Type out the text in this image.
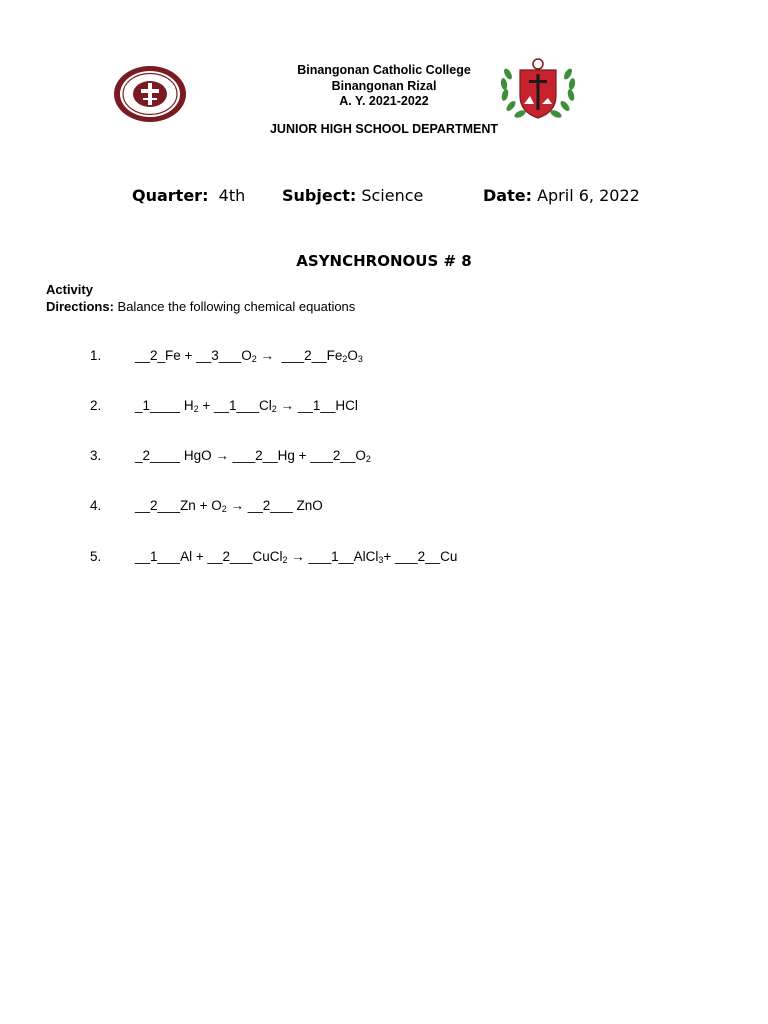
Binangonan Catholic College
Binangonan Rizal
A. Y. 2021-2022
JUNIOR HIGH SCHOOL DEPARTMENT
Quarter: 4th Subject: Science	Date: April 6, 2022
ASYNCHRONOUS # 8
Activity
Directions: Balance the following chemical equations
1. __2_Fe + $\_\_3\_\_\_O_2$ →  $\_\_\_2\_\_Fe_2O_3$
2. _1____ $H_2$ + $\_\_1\_\_\_Cl_2$ → __1__HCl
3. _2____ HgO → ___2__Hg + $\_\_\_2\_\_O_2$
4. __2___Zn + $O_2$ → __2___ ZnO
5. __1___Al + __2___CuCl$_2$ → ___1__AlCl$_3$+ ___2__Cu
